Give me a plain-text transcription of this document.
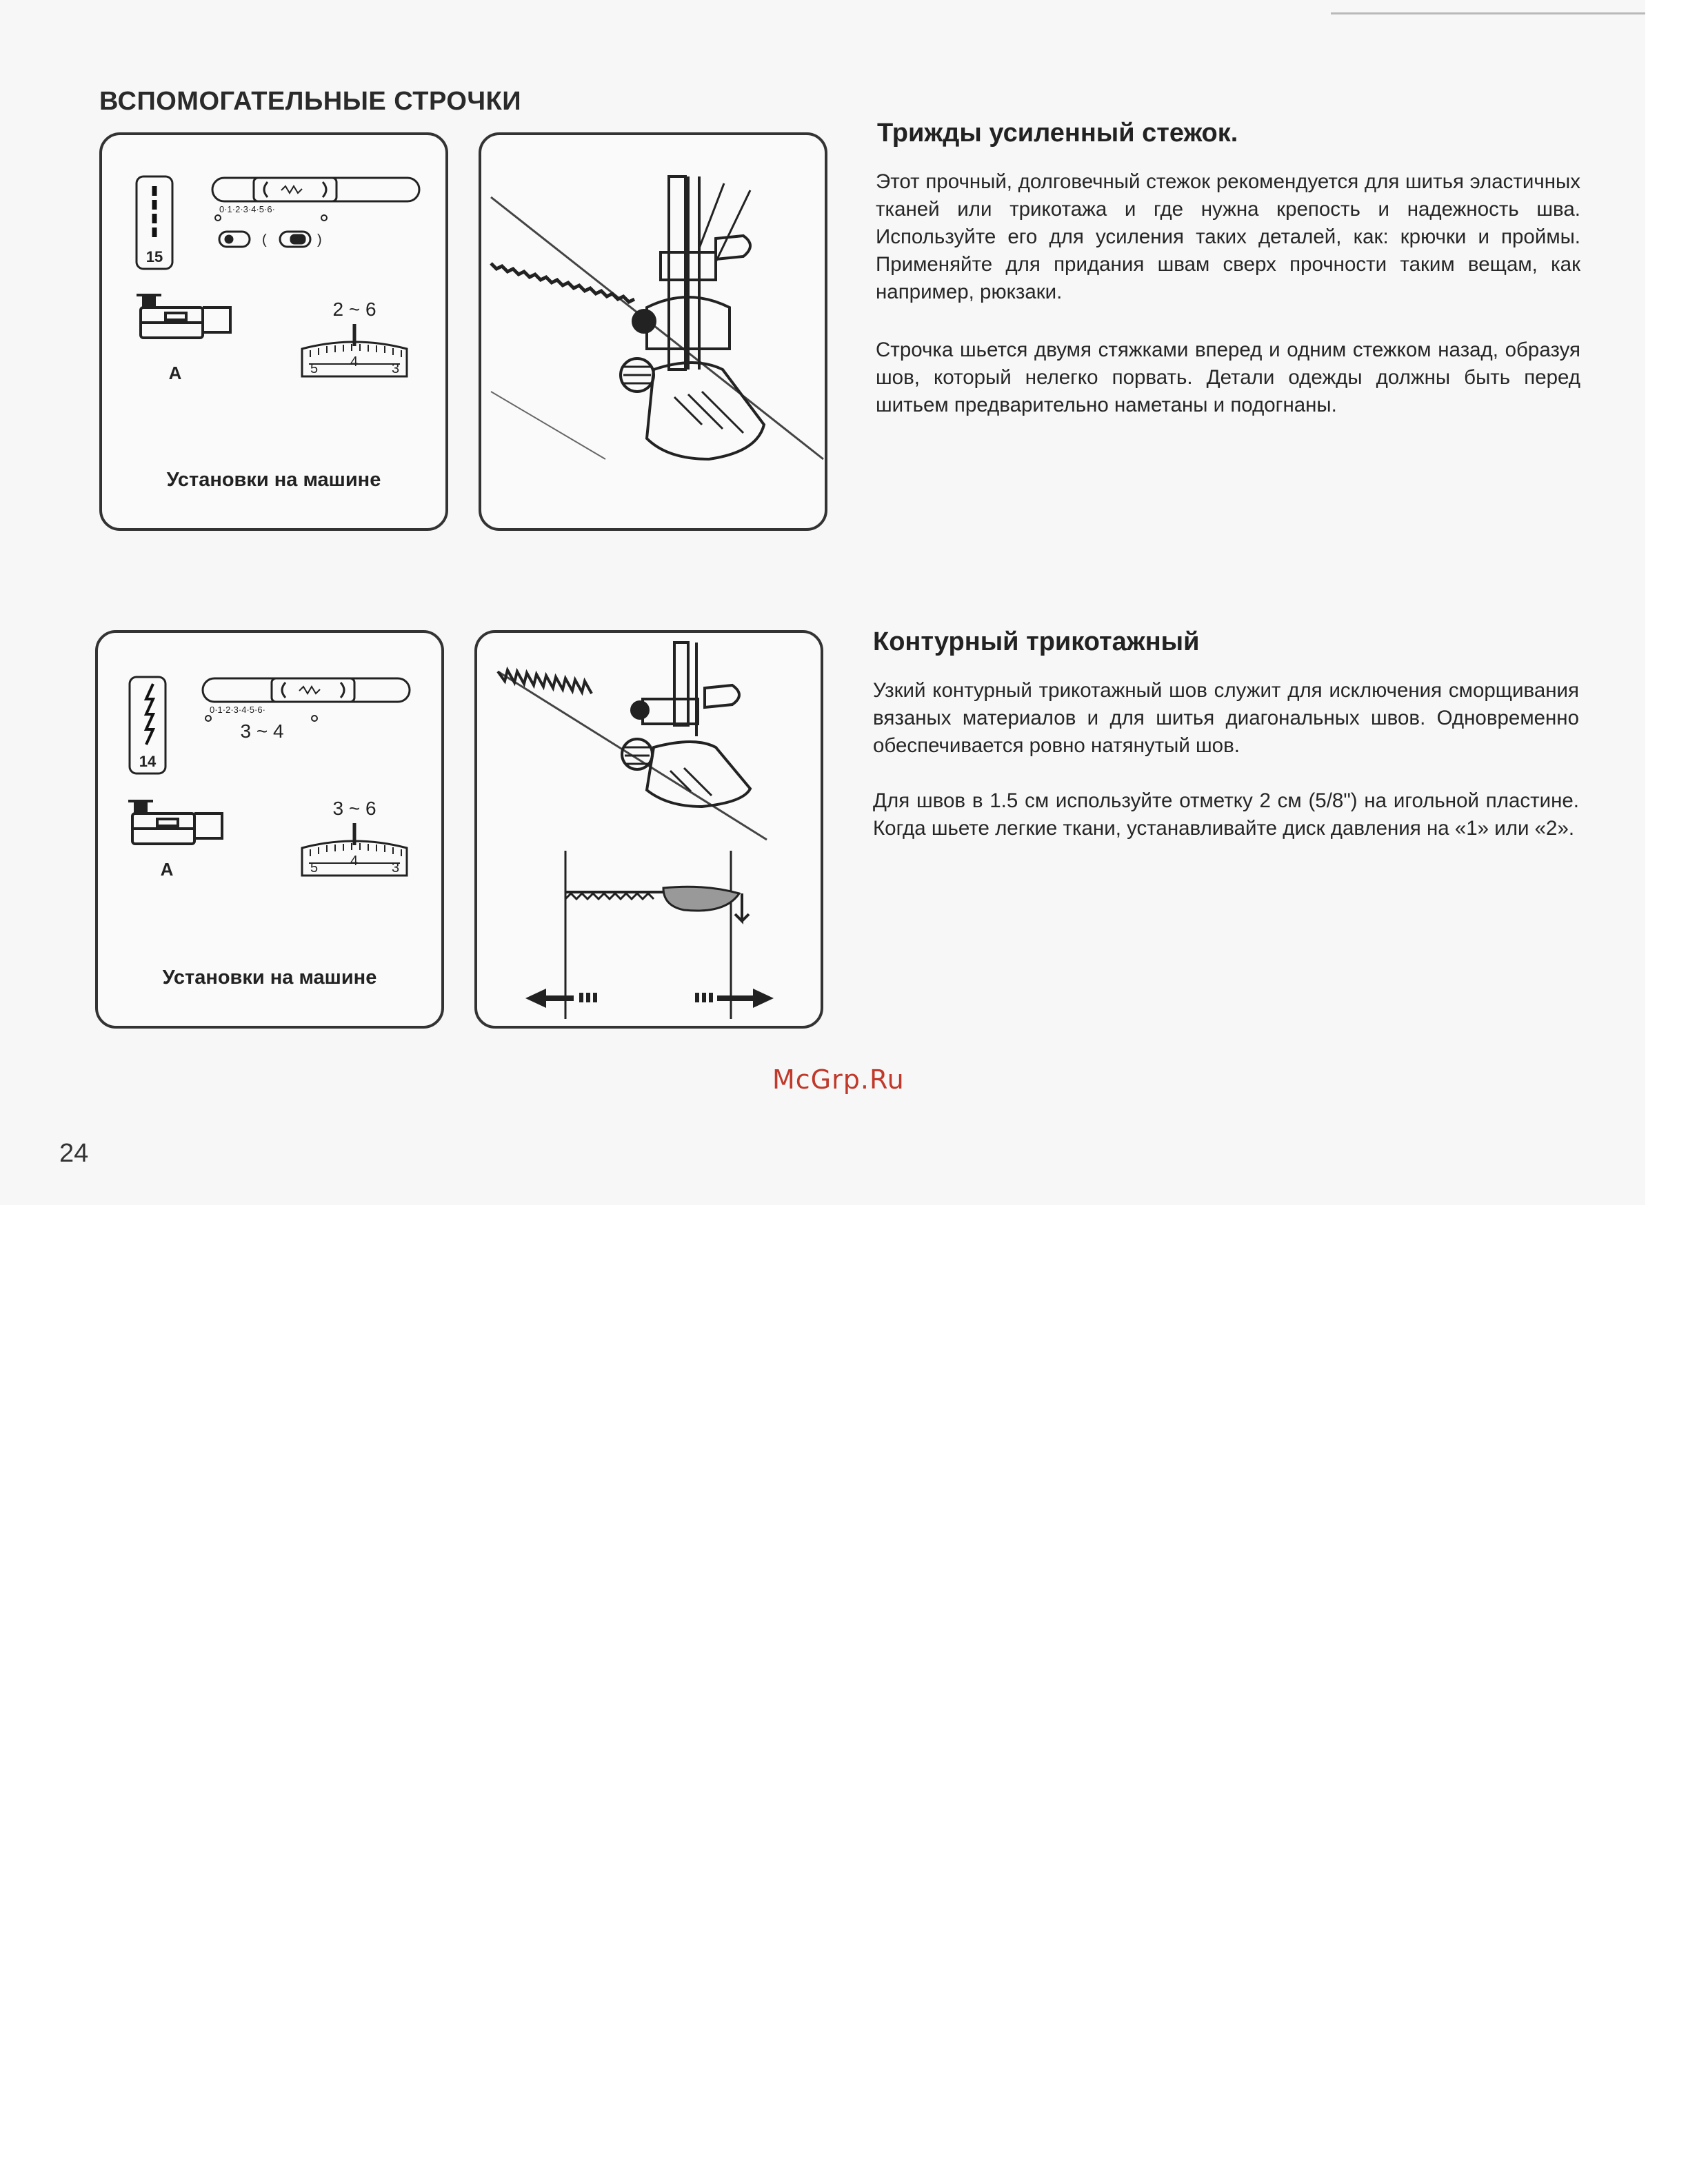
ВСПОМОГАТЕЛЬНЫЕ СТРОЧКИ
15
0·1·2·3·4·5·6·
(	)
A
2 ~ 6
5 4 3
Установки на машине
Трижды усиленный стежок.

Этот прочный, долговечный стежок рекомендуется для шитья эластичных тканей или трикотажа и где нужна крепость и надежность шва. Используйте его для усиления таких деталей, как: крючки и проймы. Применяйте для придания швам сверх прочности таким вещам, как например, рюкзаки.

Строчка шьется двумя стяжками вперед и одним стежком назад, образуя шов, который нелегко порвать. Детали одежды должны быть перед шитьем предварительно наметаны и подогнаны.

14
0·1·2·3·4·5·6·
3 ~ 4
A
3 ~ 6
5 4 3
Установки на машине
Контурный трикотажный

Узкий контурный трикотажный шов служит для исключения сморщивания вязаных материалов и для шитья диагональных швов. Одновременно обеспечивается ровно натянутый шов.

Для швов в 1.5 см используйте отметку 2 см (5/8") на игольной пластине. Когда шьете легкие ткани, устанавливайте диск давления на «1» или «2».

McGrp.Ru
24
